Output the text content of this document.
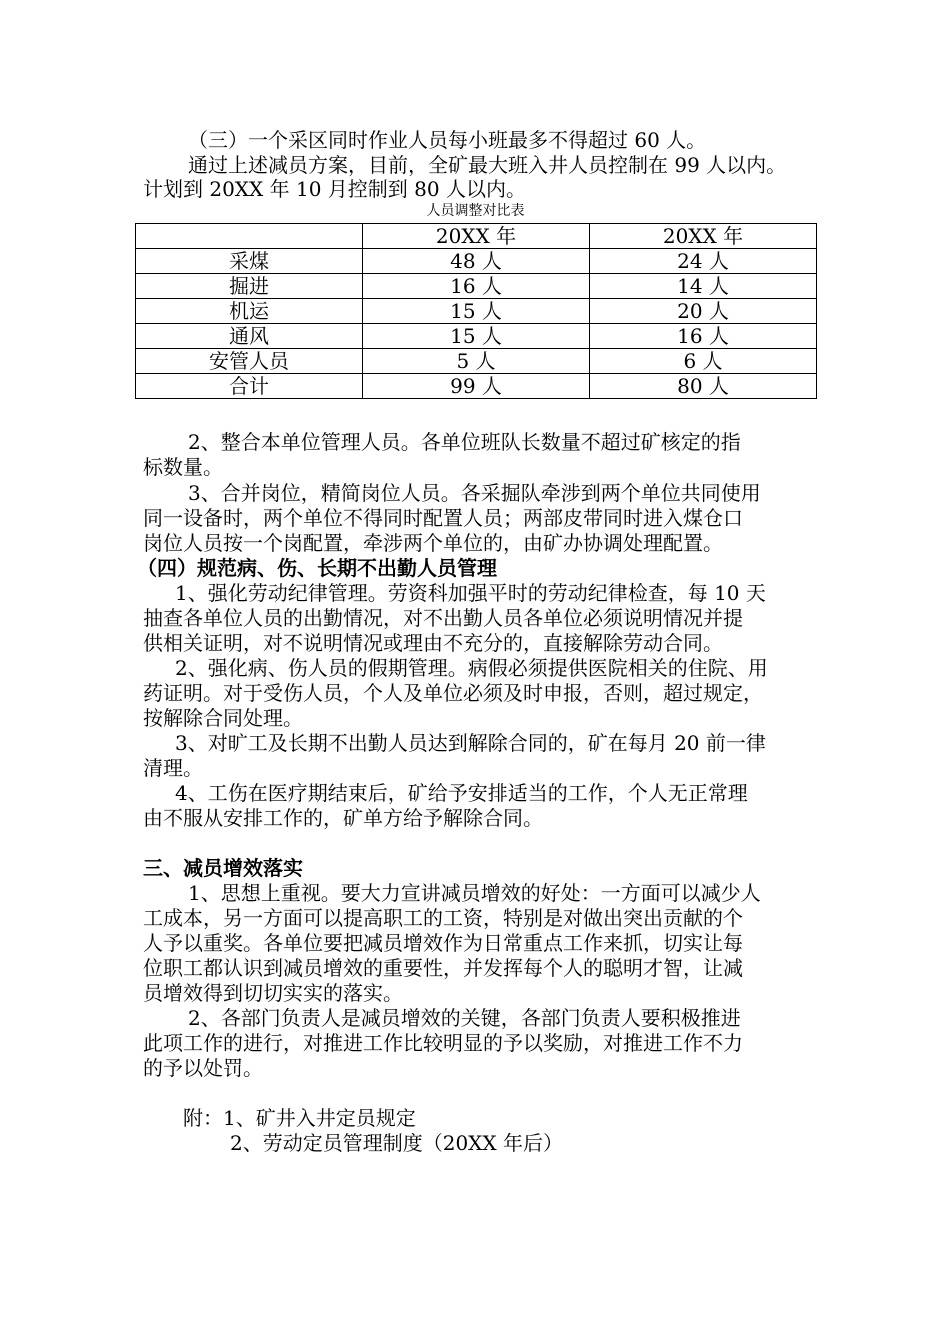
（三）一个采区同时作业人员每小班最多不得超过 60 人。
通过上述减员方案，目前，全矿最大班入井人员控制在 99 人以内。
计划到 20XX 年 10 月控制到 80 人以内。
人员调整对比表
	20XX 年	20XX 年
采煤	48 人	24 人
掘进	16 人	14 人
机运	15 人	20 人
通风	15 人	16 人
安管人员	5 人	6 人
合计	99 人	80 人
2、整合本单位管理人员。各单位班队长数量不超过矿核定的指
标数量。
3、合并岗位，精简岗位人员。各采掘队牵涉到两个单位共同使用
同一设备时，两个单位不得同时配置人员；两部皮带同时进入煤仓口
岗位人员按一个岗配置，牵涉两个单位的，由矿办协调处理配置。
（四）规范病、伤、长期不出勤人员管理
1、强化劳动纪律管理。劳资科加强平时的劳动纪律检查，每 10 天
抽查各单位人员的出勤情况，对不出勤人员各单位必须说明情况并提
供相关证明，对不说明情况或理由不充分的，直接解除劳动合同。
2、强化病、伤人员的假期管理。病假必须提供医院相关的住院、用
药证明。对于受伤人员，个人及单位必须及时申报，否则，超过规定，
按解除合同处理。
3、对旷工及长期不出勤人员达到解除合同的，矿在每月 20 前一律
清理。
4、工伤在医疗期结束后，矿给予安排适当的工作，个人无正常理
由不服从安排工作的，矿单方给予解除合同。
三、减员增效落实
1、思想上重视。要大力宣讲减员增效的好处：一方面可以减少人
工成本，另一方面可以提高职工的工资，特别是对做出突出贡献的个
人予以重奖。各单位要把减员增效作为日常重点工作来抓，切实让每
位职工都认识到减员增效的重要性，并发挥每个人的聪明才智，让减
员增效得到切切实实的落实。
2、各部门负责人是减员增效的关键，各部门负责人要积极推进
此项工作的进行，对推进工作比较明显的予以奖励，对推进工作不力
的予以处罚。
附：1、矿井入井定员规定
2、劳动定员管理制度（20XX 年后）
